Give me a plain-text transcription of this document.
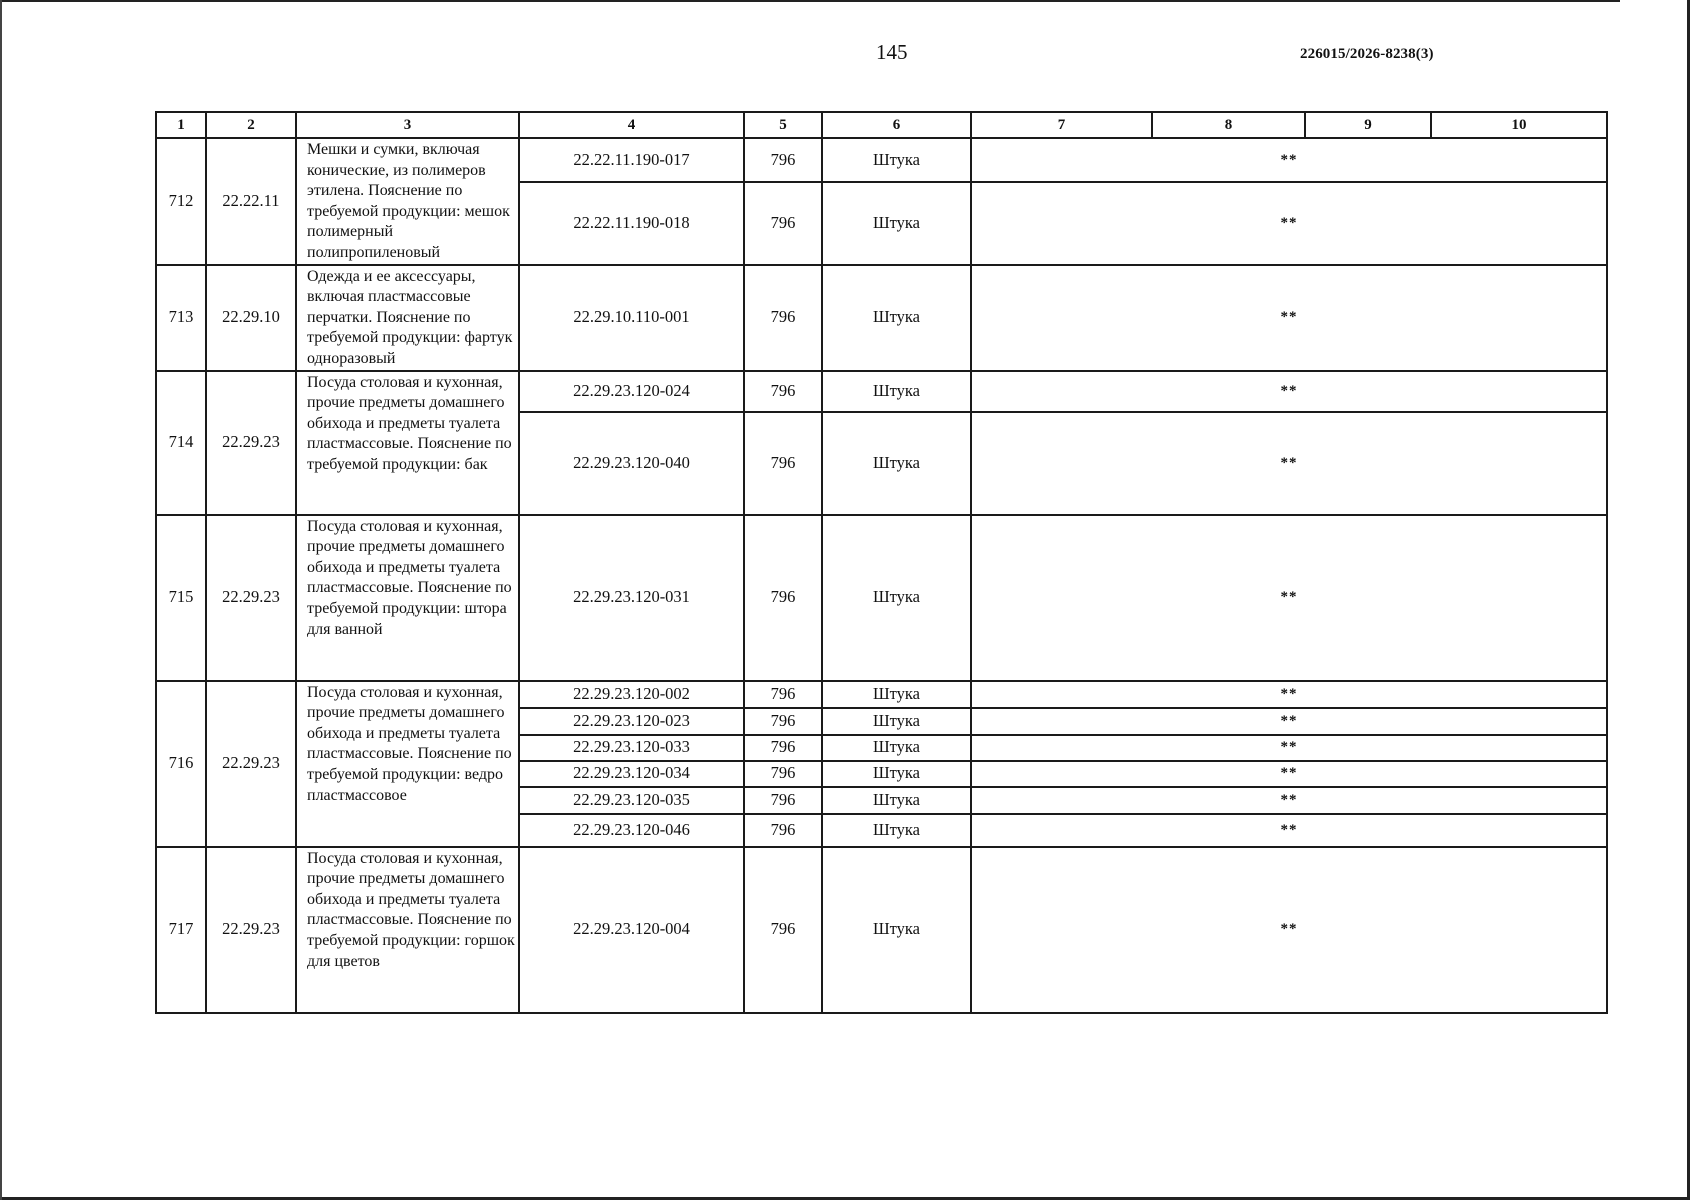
145	226015/2026-8238(3)
1	2	3	4	5	6	7	8	9	10
712	22.22.11	Мешки и сумки, включая конические, из полимеров этилена. Пояснение по требуемой продукции: мешок полимерный полипропиленовый	22.22.11.190-017	796	Штука	**			
			22.22.11.190-018	796	Штука	**			
713	22.29.10	Одежда и ее аксессуары, включая пластмассовые перчатки. Пояснение по требуемой продукции: фартук одноразовый	22.29.10.110-001	796	Штука	**			
714	22.29.23	Посуда столовая и кухонная, прочие предметы домашнего обихода и предметы туалета пластмассовые. Пояснение по требуемой продукции: бак	22.29.23.120-024	796	Штука	**			
			22.29.23.120-040	796	Штука	**			
715	22.29.23	Посуда столовая и кухонная, прочие предметы домашнего обихода и предметы туалета пластмассовые. Пояснение по требуемой продукции: штора для ванной	22.29.23.120-031	796	Штука	**			
716	22.29.23	Посуда столовая и кухонная, прочие предметы домашнего обихода и предметы туалета пластмассовые. Пояснение по требуемой продукции: ведро пластмассовое	22.29.23.120-002	796	Штука	**			
			22.29.23.120-023	796	Штука	**			
			22.29.23.120-033	796	Штука	**			
			22.29.23.120-034	796	Штука	**			
			22.29.23.120-035	796	Штука	**			
			22.29.23.120-046	796	Штука	**			
717	22.29.23	Посуда столовая и кухонная, прочие предметы домашнего обихода и предметы туалета пластмассовые. Пояснение по требуемой продукции: горшок для цветов	22.29.23.120-004	796	Штука	**			
